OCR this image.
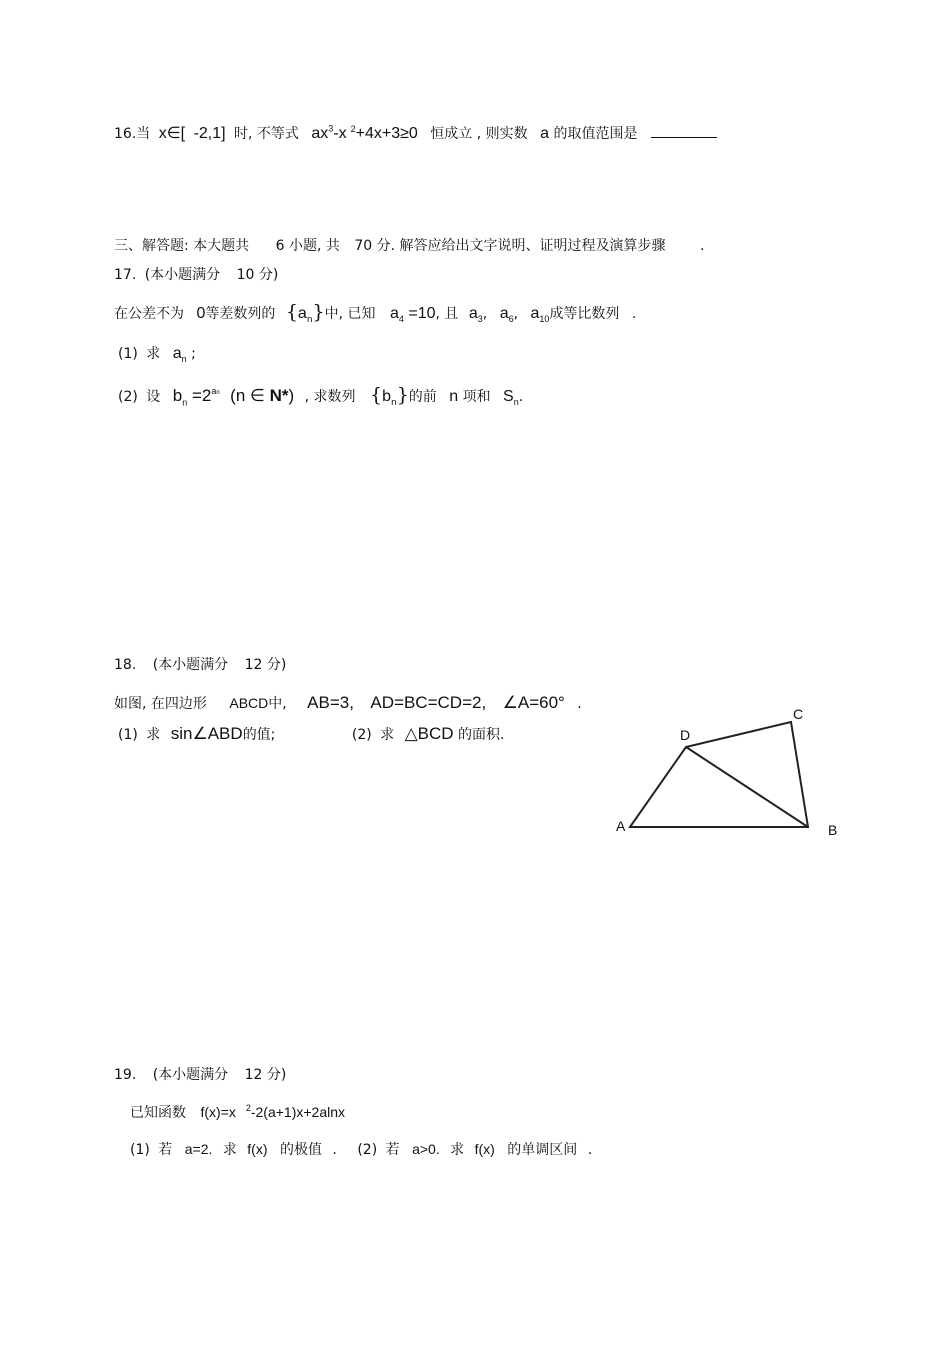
16.当 x∈[ -2,1] 时, 不等式 $ax^3-x$ $^2$+4x+3≥0 恒成立 , 则实数 a 的取值范围是
三、解答题: 本大题共 6 小题, 共 70 分. 解答应给出文字说明、证明过程及演算步骤 .
17. (本小题满分 10 分)
在公差不为 0等差数列的 $\{a_n\}$中, 已知 $a_4 =10$, 且 $a_3$, $a_6$, $a_{10}$成等比数列 .
(1) 求 $a_n$ ;
(2) 设 $b_n =2^{an}$ (n ∈ N*) , 求数列 $\{b_n\}$的前 n 项和 $S_n$.
18. (本小题满分 12 分)
如图, 在四边形 ABCD中, AB=3, AD=BC=CD=2, ∠A=60° .
(1) 求 sin∠ABD的值;	(2) 求 △BCD 的面积.
A	B
C
D
19. (本小题满分 12 分)
已知函数 f(x)=x $^2$-2(a+1)x+2alnx
(1) 若 a=2. 求 f(x) 的极值 . (2) 若 a>0. 求 f(x) 的单调区间 .
